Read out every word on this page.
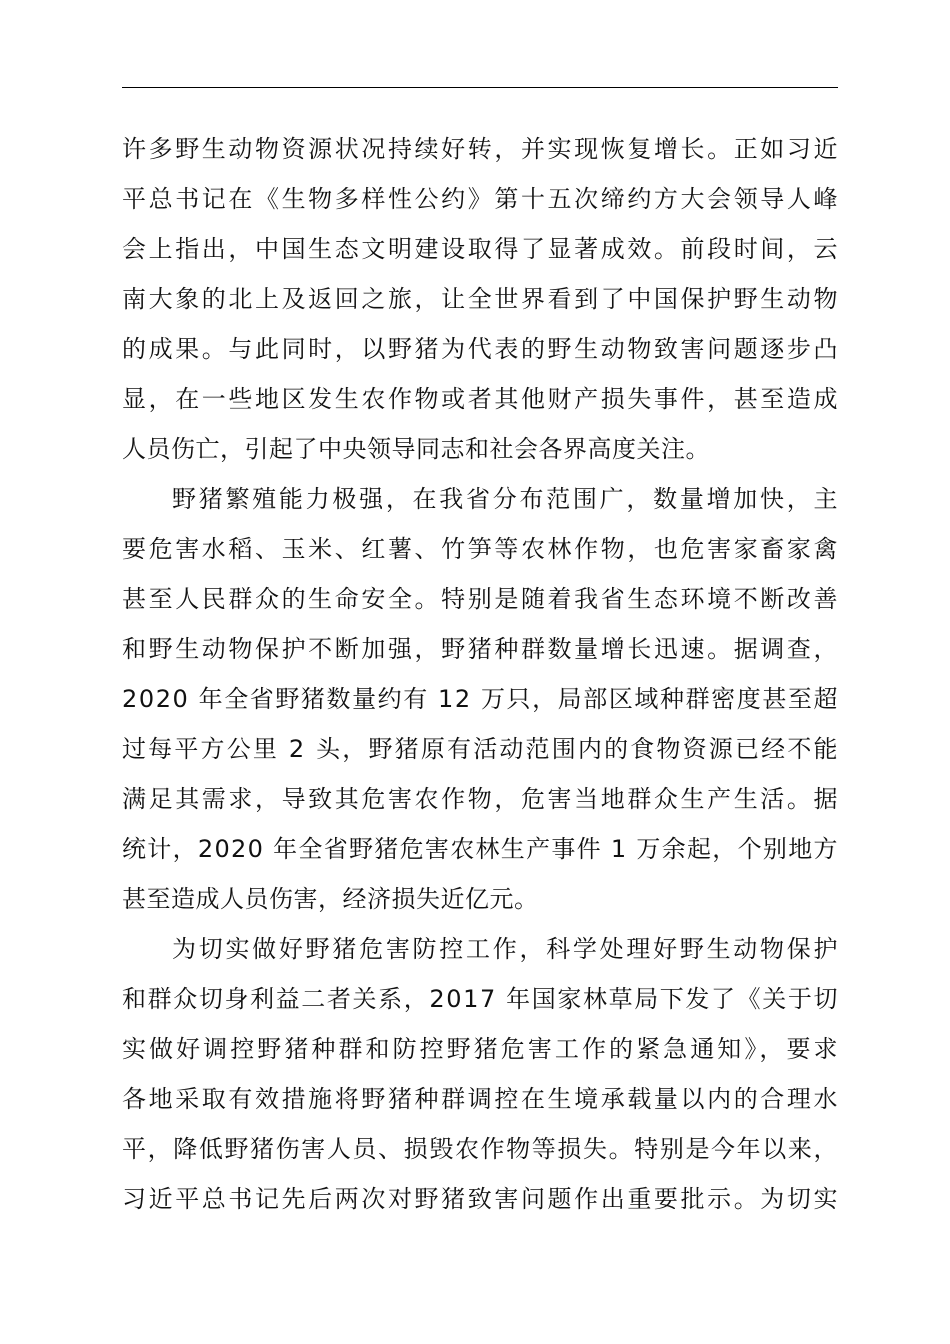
许多野生动物资源状况持续好转，并实现恢复增长。正如习近
平总书记在《生物多样性公约》第十五次缔约方大会领导人峰
会上指出，中国生态文明建设取得了显著成效。前段时间，云
南大象的北上及返回之旅，让全世界看到了中国保护野生动物
的成果。与此同时，以野猪为代表的野生动物致害问题逐步凸
显，在一些地区发生农作物或者其他财产损失事件，甚至造成
人员伤亡，引起了中央领导同志和社会各界高度关注。
野猪繁殖能力极强，在我省分布范围广，数量增加快，主
要危害水稻、玉米、红薯、竹笋等农林作物，也危害家畜家禽
甚至人民群众的生命安全。特别是随着我省生态环境不断改善
和野生动物保护不断加强，野猪种群数量增长迅速。据调查，
2020 年全省野猪数量约有 12 万只，局部区域种群密度甚至超
过每平方公里 2 头，野猪原有活动范围内的食物资源已经不能
满足其需求，导致其危害农作物，危害当地群众生产生活。据
统计，2020 年全省野猪危害农林生产事件 1 万余起，个别地方
甚至造成人员伤害，经济损失近亿元。
为切实做好野猪危害防控工作，科学处理好野生动物保护
和群众切身利益二者关系，2017 年国家林草局下发了《关于切
实做好调控野猪种群和防控野猪危害工作的紧急通知》，要求
各地采取有效措施将野猪种群调控在生境承载量以内的合理水
平，降低野猪伤害人员、损毁农作物等损失。特别是今年以来，
习近平总书记先后两次对野猪致害问题作出重要批示。为切实
